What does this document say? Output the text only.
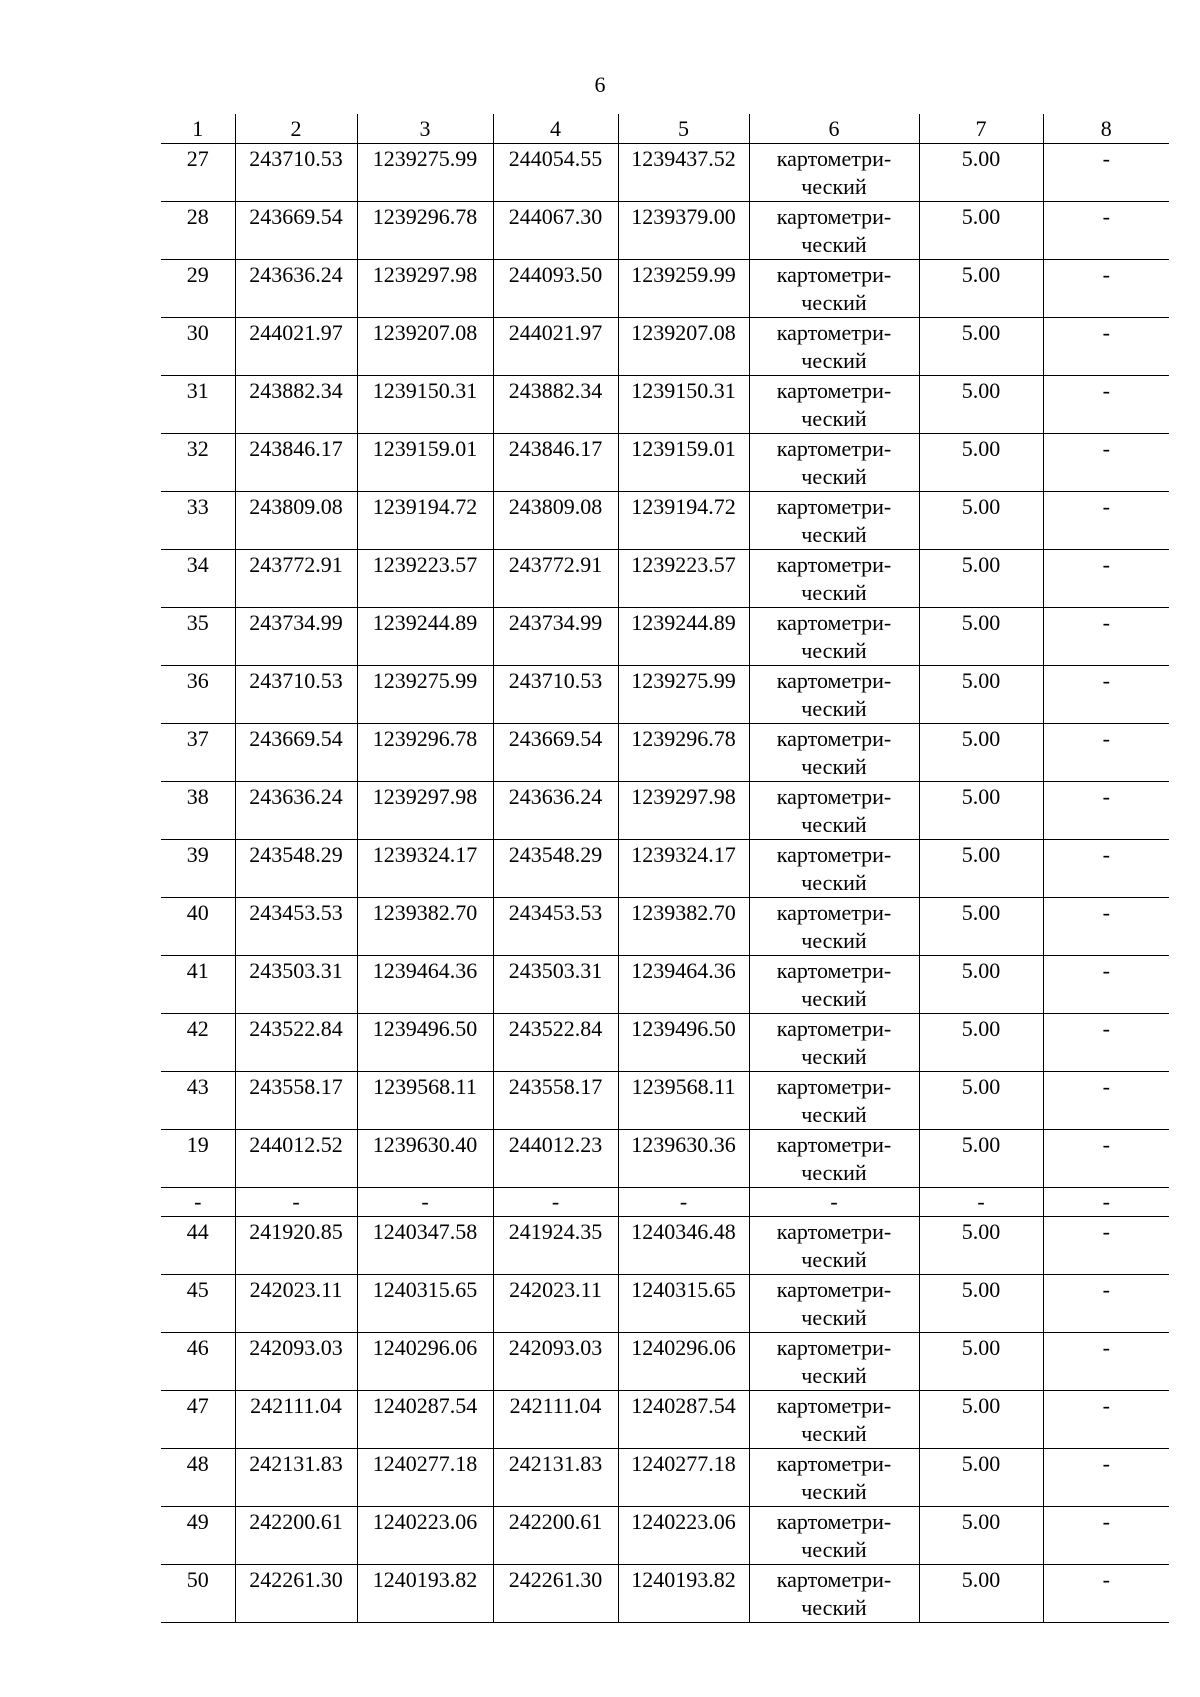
6
1	2	3	4	5	6	7	8
27	243710.53	1239275.99	244054.55	1239437.52	картометри-
ческий	5.00	-
28	243669.54	1239296.78	244067.30	1239379.00	картометри-
ческий	5.00	-
29	243636.24	1239297.98	244093.50	1239259.99	картометри-
ческий	5.00	-
30	244021.97	1239207.08	244021.97	1239207.08	картометри-
ческий	5.00	-
31	243882.34	1239150.31	243882.34	1239150.31	картометри-
ческий	5.00	-
32	243846.17	1239159.01	243846.17	1239159.01	картометри-
ческий	5.00	-
33	243809.08	1239194.72	243809.08	1239194.72	картометри-
ческий	5.00	-
34	243772.91	1239223.57	243772.91	1239223.57	картометри-
ческий	5.00	-
35	243734.99	1239244.89	243734.99	1239244.89	картометри-
ческий	5.00	-
36	243710.53	1239275.99	243710.53	1239275.99	картометри-
ческий	5.00	-
37	243669.54	1239296.78	243669.54	1239296.78	картометри-
ческий	5.00	-
38	243636.24	1239297.98	243636.24	1239297.98	картометри-
ческий	5.00	-
39	243548.29	1239324.17	243548.29	1239324.17	картометри-
ческий	5.00	-
40	243453.53	1239382.70	243453.53	1239382.70	картометри-
ческий	5.00	-
41	243503.31	1239464.36	243503.31	1239464.36	картометри-
ческий	5.00	-
42	243522.84	1239496.50	243522.84	1239496.50	картометри-
ческий	5.00	-
43	243558.17	1239568.11	243558.17	1239568.11	картометри-
ческий	5.00	-
19	244012.52	1239630.40	244012.23	1239630.36	картометри-
ческий	5.00	-
-	-	-	-	-	-	-	-
44	241920.85	1240347.58	241924.35	1240346.48	картометри-
ческий	5.00	-
45	242023.11	1240315.65	242023.11	1240315.65	картометри-
ческий	5.00	-
46	242093.03	1240296.06	242093.03	1240296.06	картометри-
ческий	5.00	-
47	242111.04	1240287.54	242111.04	1240287.54	картометри-
ческий	5.00	-
48	242131.83	1240277.18	242131.83	1240277.18	картометри-
ческий	5.00	-
49	242200.61	1240223.06	242200.61	1240223.06	картометри-
ческий	5.00	-
50	242261.30	1240193.82	242261.30	1240193.82	картометри-
ческий	5.00	-
